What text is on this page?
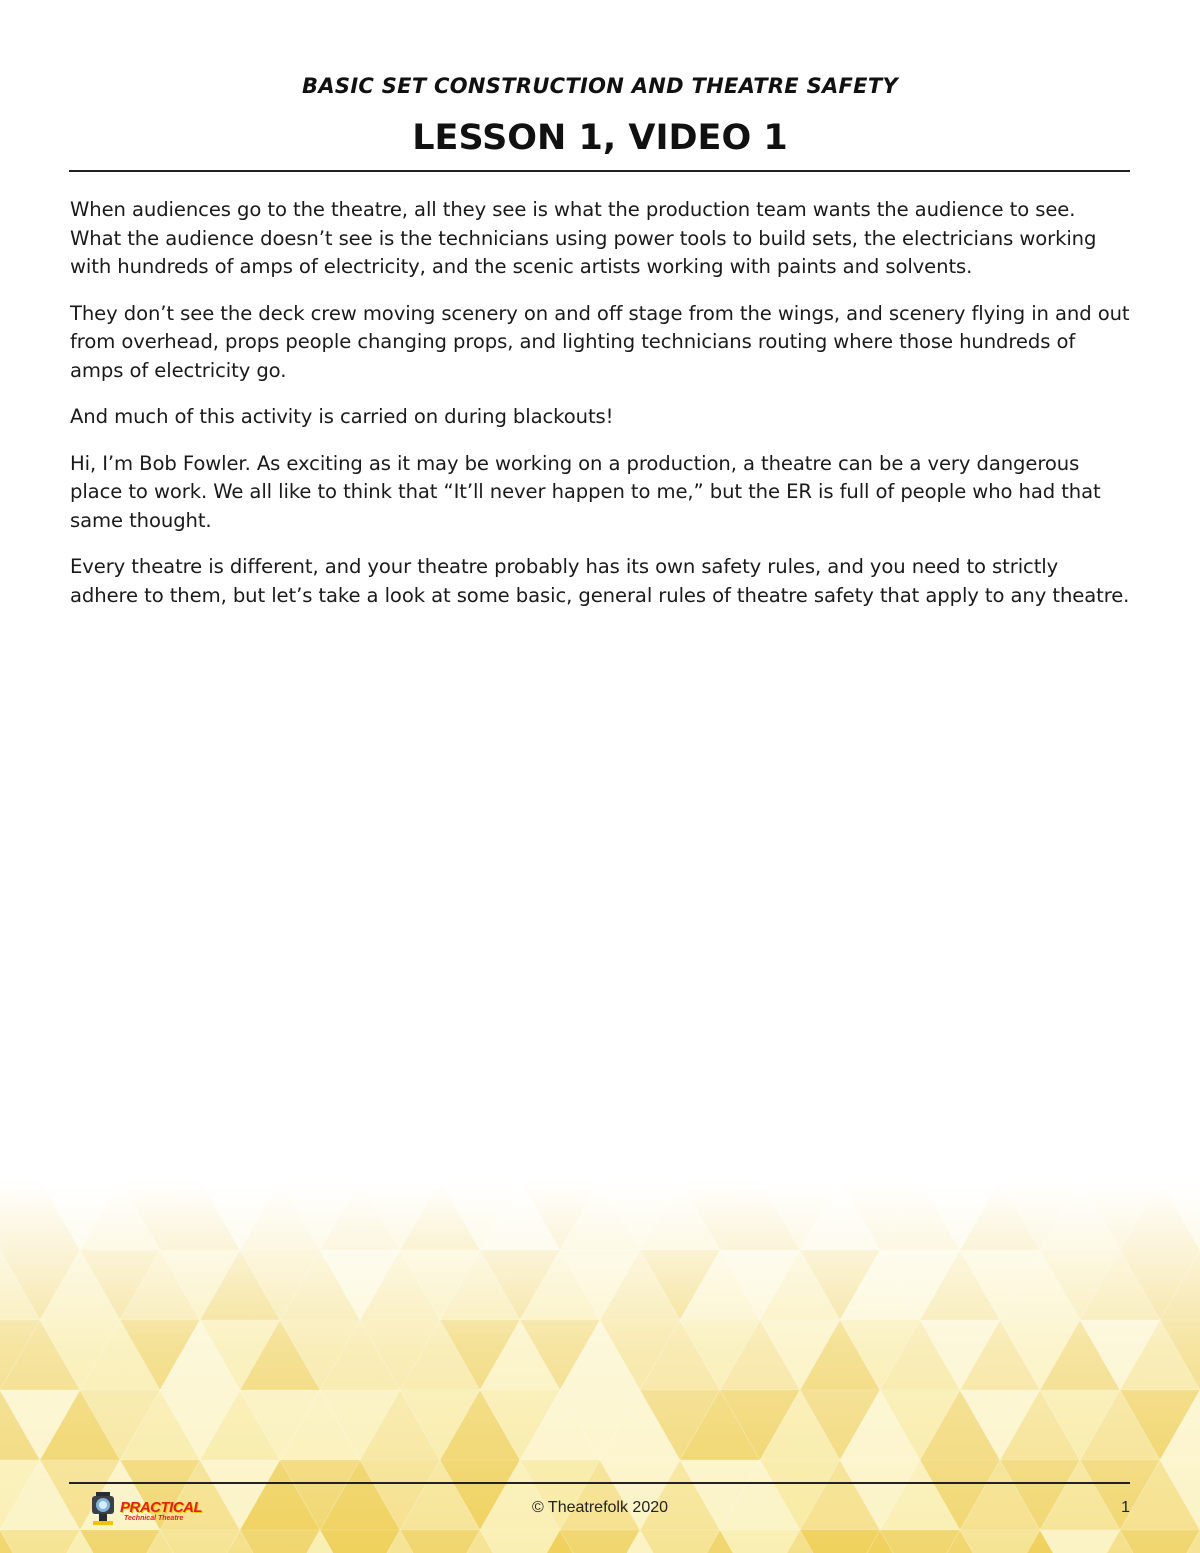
BASIC SET CONSTRUCTION AND THEATRE SAFETY
LESSON 1, VIDEO 1

When audiences go to the theatre, all they see is what the production team wants the audience to see. What the audience doesn’t see is the technicians using power tools to build sets, the electricians working with hundreds of amps of electricity, and the scenic artists working with paints and solvents.

They don’t see the deck crew moving scenery on and off stage from the wings, and scenery flying in and out from overhead, props people changing props, and lighting technicians routing where those hundreds of amps of electricity go.

And much of this activity is carried on during blackouts!

Hi, I’m Bob Fowler. As exciting as it may be working on a production, a theatre can be a very dangerous place to work. We all like to think that “It’ll never happen to me,” but the ER is full of people who had that same thought.

Every theatre is different, and your theatre probably has its own safety rules, and you need to strictly adhere to them, but let’s take a look at some basic, general rules of theatre safety that apply to any theatre.

PRACTICAL
Technical Theatre
© Theatrefolk 2020	1
